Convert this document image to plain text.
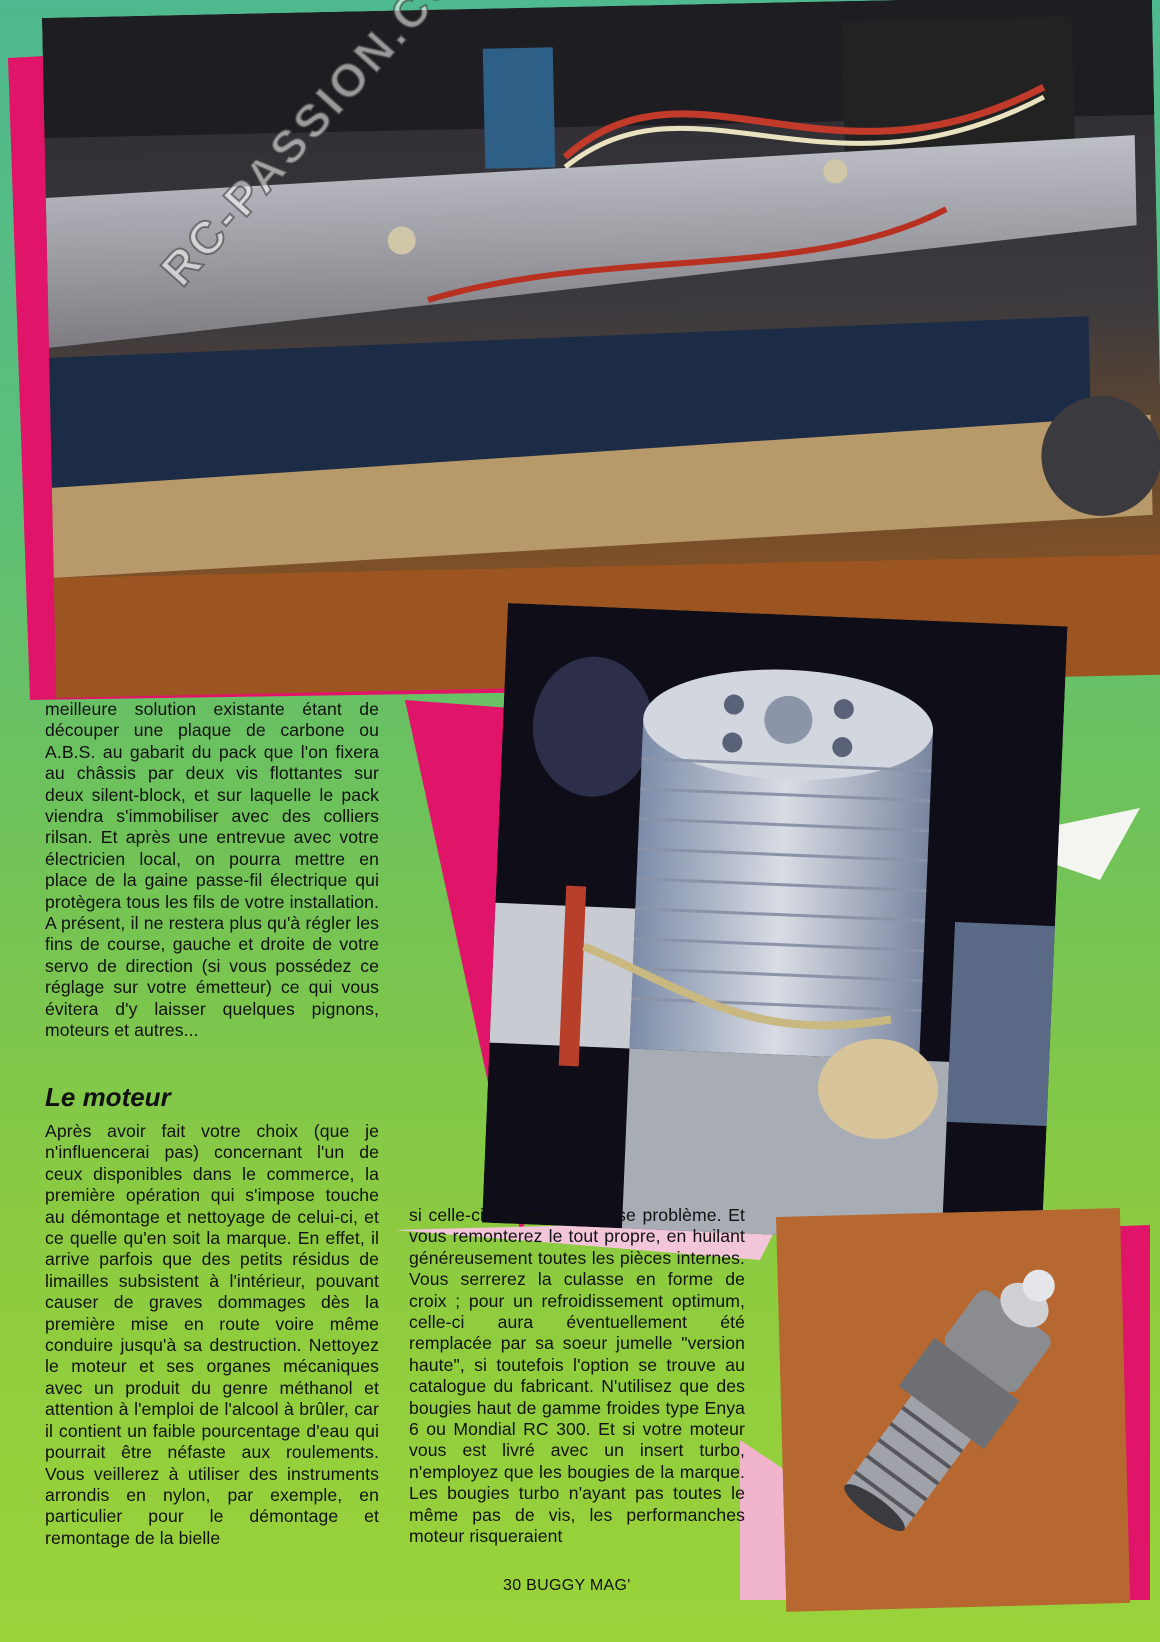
meilleure solution existante étant de découper une plaque de carbone ou A.B.S. au gabarit du pack que l'on fixera au châssis par deux vis flottantes sur deux silent-block, et sur laquelle le pack viendra s'immobiliser avec des colliers rilsan. Et après une entrevue avec votre électricien local, on pourra mettre en place de la gaine passe-fil électrique qui protègera tous les fils de votre installation. A présent, il ne restera plus qu'à régler les fins de course, gauche et droite de votre servo de direction (si vous possédez ce réglage sur votre émetteur) ce qui vous évitera d'y laisser quelques pignons, moteurs et autres...

Le moteur

Après avoir fait votre choix (que je n'influencerai pas) concernant l'un de ceux disponibles dans le commerce, la première opération qui s'impose touche au démontage et nettoyage de celui-ci, et ce quelle qu'en soit la marque. En effet, il arrive parfois que des petits résidus de limailles subsistent à l'intérieur, pouvant causer de graves dommages dès la première mise en route voire même conduire jusqu'à sa destruction. Nettoyez le moteur et ses organes mécaniques avec un produit du genre méthanol et attention à l'emploi de l'alcool à brûler, car il contient un faible pourcentage d'eau qui pourrait être néfaste aux roulements. Vous veillerez à utiliser des instruments arrondis en nylon, par exemple, en particulier pour le démontage et remontage de la bielle

si celle-ci est neuve et pose problème. Et vous remonterez le tout propre, en huilant généreusement toutes les pièces internes. Vous serrerez la culasse en forme de croix ; pour un refroidissement optimum, celle-ci aura éventuellement été remplacée par sa soeur jumelle "version haute", si toutefois l'option se trouve au catalogue du fabricant. N'utilisez que des bougies haut de gamme froides type Enya 6 ou Mondial RC 300. Et si votre moteur vous est livré avec un insert turbo, n'employez que les bougies de la marque. Les bougies turbo n'ayant pas toutes le même pas de vis, les performanches moteur risqueraient

30 BUGGY MAG'
